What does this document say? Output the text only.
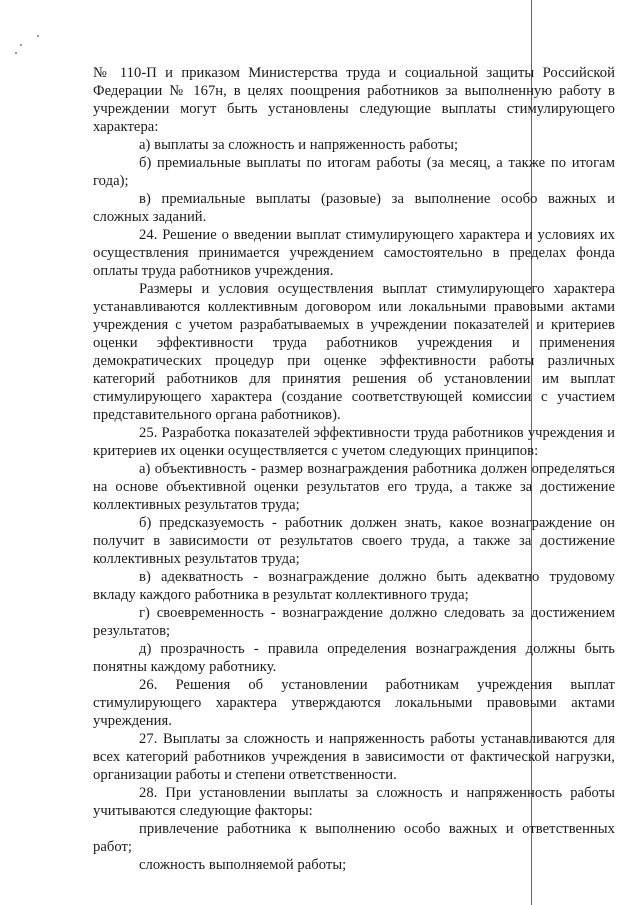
№ 110-П и приказом Министерства труда и социальной защиты Российской Федерации № 167н, в целях поощрения работников за выполненную работу в учреждении могут быть установлены следующие выплаты стимулирующего характера:

а) выплаты за сложность и напряженность работы;

б) премиальные выплаты по итогам работы (за месяц, а также по итогам года);

в) премиальные выплаты (разовые) за выполнение особо важных и сложных заданий.

24. Решение о введении выплат стимулирующего характера и условиях их осуществления принимается учреждением самостоятельно в пределах фонда оплаты труда работников учреждения.

Размеры и условия осуществления выплат стимулирующего характера устанавливаются коллективным договором или локальными правовыми актами учреждения с учетом разрабатываемых в учреждении показателей и критериев оценки эффективности труда работников учреждения и применения демократических процедур при оценке эффективности работы различных категорий работников для принятия решения об установлении им выплат стимулирующего характера (создание соответствующей комиссии с участием представительного органа работников).

25. Разработка показателей эффективности труда работников учреждения и критериев их оценки осуществляется с учетом следующих принципов:

а) объективность - размер вознаграждения работника должен определяться на основе объективной оценки результатов его труда, а также за достижение коллективных результатов труда;

б) предсказуемость - работник должен знать, какое вознаграждение он получит в зависимости от результатов своего труда, а также за достижение коллективных результатов труда;

в) адекватность - вознаграждение должно быть адекватно трудовому вкладу каждого работника в результат коллективного труда;

г) своевременность - вознаграждение должно следовать за достижением результатов;

д) прозрачность - правила определения вознаграждения должны быть понятны каждому работнику.

26. Решения об установлении работникам учреждения выплат стимулирующего характера утверждаются локальными правовыми актами учреждения.

27. Выплаты за сложность и напряженность работы устанавливаются для всех категорий работников учреждения в зависимости от фактической нагрузки, организации работы и степени ответственности.

28. При установлении выплаты за сложность и напряженность работы учитываются следующие факторы:

привлечение работника к выполнению особо важных и ответственных работ;

сложность выполняемой работы;
